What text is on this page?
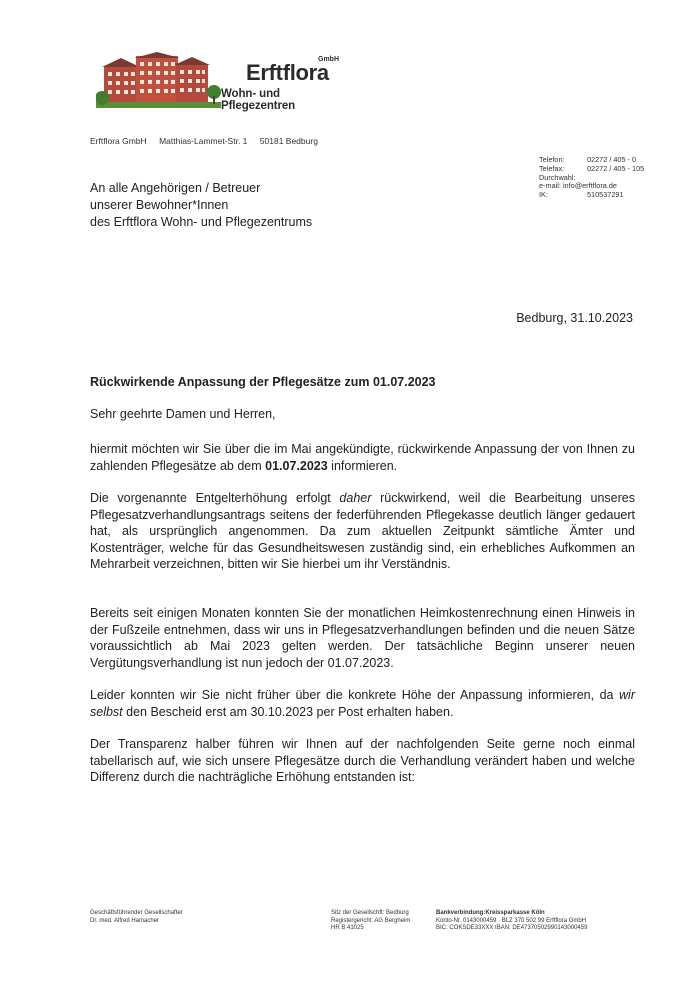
GmbH
Erftflora
Wohn- und Pflegezentren
Erftflora GmbH Matthias-Lammet-Str. 1 50181 Bedburg
Telefon:	02272 / 405 - 0
Telefax:	02272 / 405 - 105
Durchwahl:
e-mail:
info@erftflora.de
IK:	510537291
An alle Angehörigen / Betreuer
unserer Bewohner*Innen
des Erftflora Wohn- und Pflegezentrums
Bedburg, 31.10.2023
Rückwirkende Anpassung der Pflegesätze zum 01.07.2023
Sehr geehrte Damen und Herren,

hiermit möchten wir Sie über die im Mai angekündigte, rückwirkende Anpassung der von Ihnen zu zahlenden Pflegesätze ab dem 01.07.2023 informieren.

Die vorgenannte Entgelterhöhung erfolgt daher rückwirkend, weil die Bearbeitung unseres Pflegesatzverhandlungsantrags seitens der federführenden Pflegekasse deutlich länger gedauert hat, als ursprünglich angenommen. Da zum aktuellen Zeitpunkt sämtliche Ämter und Kostenträger, welche für das Gesundheitswesen zuständig sind, ein erhebliches Aufkommen an Mehrarbeit verzeichnen, bitten wir Sie hierbei um ihr Verständnis.

Bereits seit einigen Monaten konnten Sie der monatlichen Heimkostenrechnung einen Hinweis in der Fußzeile entnehmen, dass wir uns in Pflegesatzverhandlungen befinden und die neuen Sätze voraussichtlich ab Mai 2023 gelten werden. Der tatsächliche Beginn unserer neuen Vergütungsverhandlung ist nun jedoch der 01.07.2023.

Leider konnten wir Sie nicht früher über die konkrete Höhe der Anpassung informieren, da wir selbst den Bescheid erst am 30.10.2023 per Post erhalten haben.

Der Transparenz halber führen wir Ihnen auf der nachfolgenden Seite gerne noch einmal tabellarisch auf, wie sich unsere Pflegesätze durch die Verhandlung verändert haben und welche Differenz durch die nachträgliche Erhöhung entstanden ist:

Geschäftsführender Gesellschafter
Dr. med. Alfred Hamacher
Sitz der Gesellschft: Bedburg
Registergericht: AG Bergheim
HR B 41025
Bankverbindung:Kreissparkasse Köln
Konto-Nr. 0143000459 · BLZ 370 502 99 Erftflora GmbH
BIC: COKSDE33XXX IBAN: DE47370502990143000459
